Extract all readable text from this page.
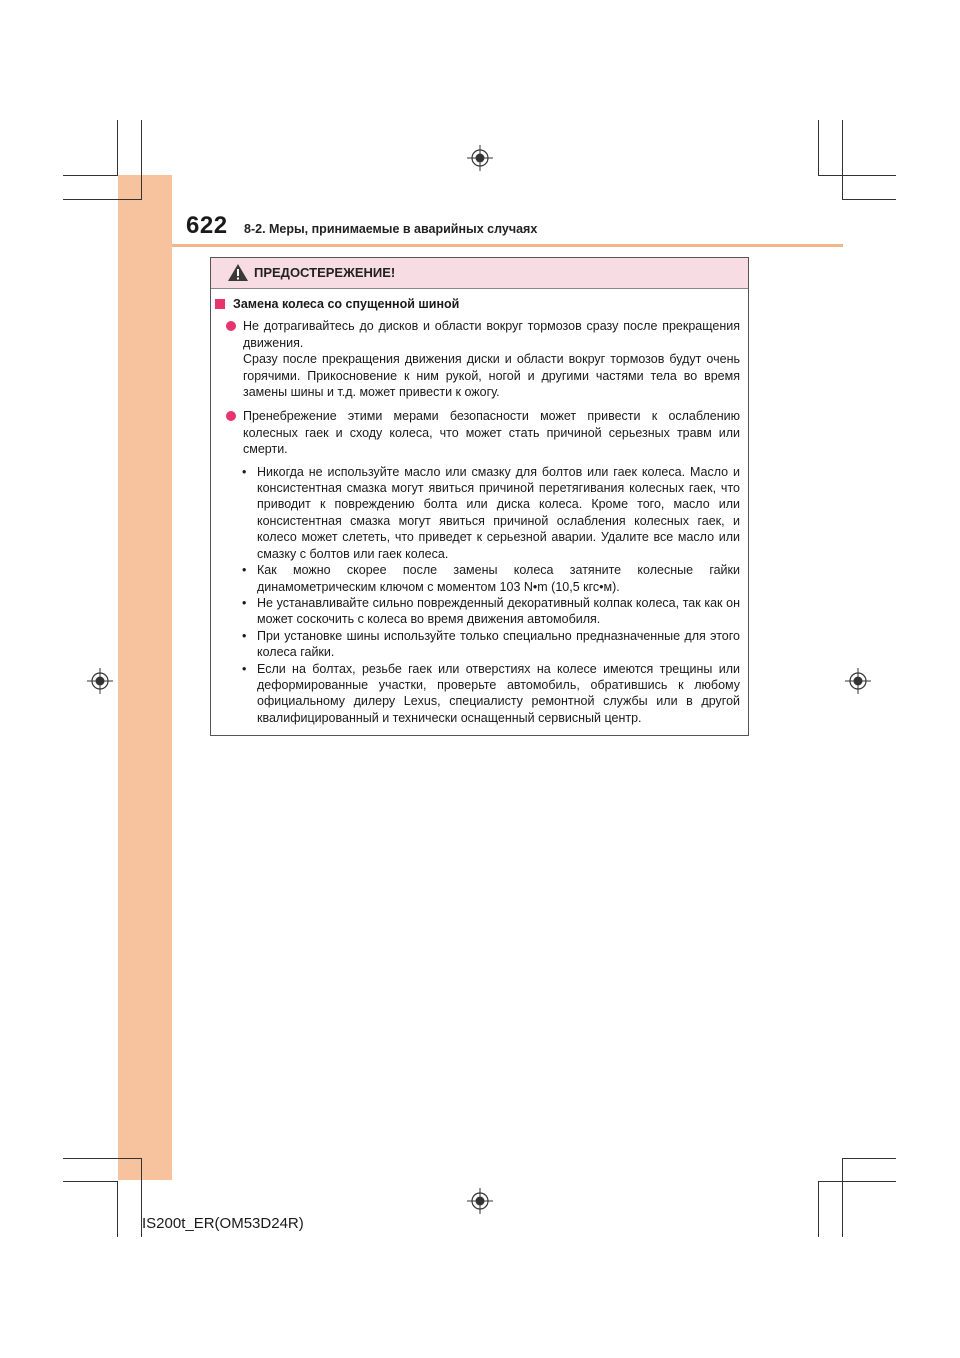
622 8-2. Меры, принимаемые в аварийных случаях
ПРЕДОСТЕРЕЖЕНИЕ!
Замена колеса со спущенной шиной

Не дотрагивайтесь до дисков и области вокруг тормозов сразу после прекращения движения.

Сразу после прекращения движения диски и области вокруг тормозов будут очень горячими. Прикосновение к ним рукой, ногой и другими частями тела во время замены шины и т.д. может привести к ожогу.

Пренебрежение этими мерами безопасности может привести к ослаблению колесных гаек и сходу колеса, что может стать причиной серьезных травм или смерти.

• Никогда не используйте масло или смазку для болтов или гаек колеса. Масло и консистентная смазка могут явиться причиной перетягивания колесных гаек, что приводит к повреждению болта или диска колеса. Кроме того, масло или консистентная смазка могут явиться причиной ослабления колесных гаек, и колесо может слететь, что приведет к серьезной аварии. Удалите все масло или смазку с болтов или гаек колеса.
• Как можно скорее после замены колеса затяните колесные гайки динамометрическим ключом с моментом 103 N•m (10,5 кгс•м).
• Не устанавливайте сильно поврежденный декоративный колпак колеса, так как он может соскочить с колеса во время движения автомобиля.
• При установке шины используйте только специально предназначенные для этого колеса гайки.
• Если на болтах, резьбе гаек или отверстиях на колесе имеются трещины или деформированные участки, проверьте автомобиль, обратившись к любому официальному дилеру Lexus, специалисту ремонтной службы или в другой квалифицированный и технически оснащенный сервисный центр.
IS200t_ER(OM53D24R)
